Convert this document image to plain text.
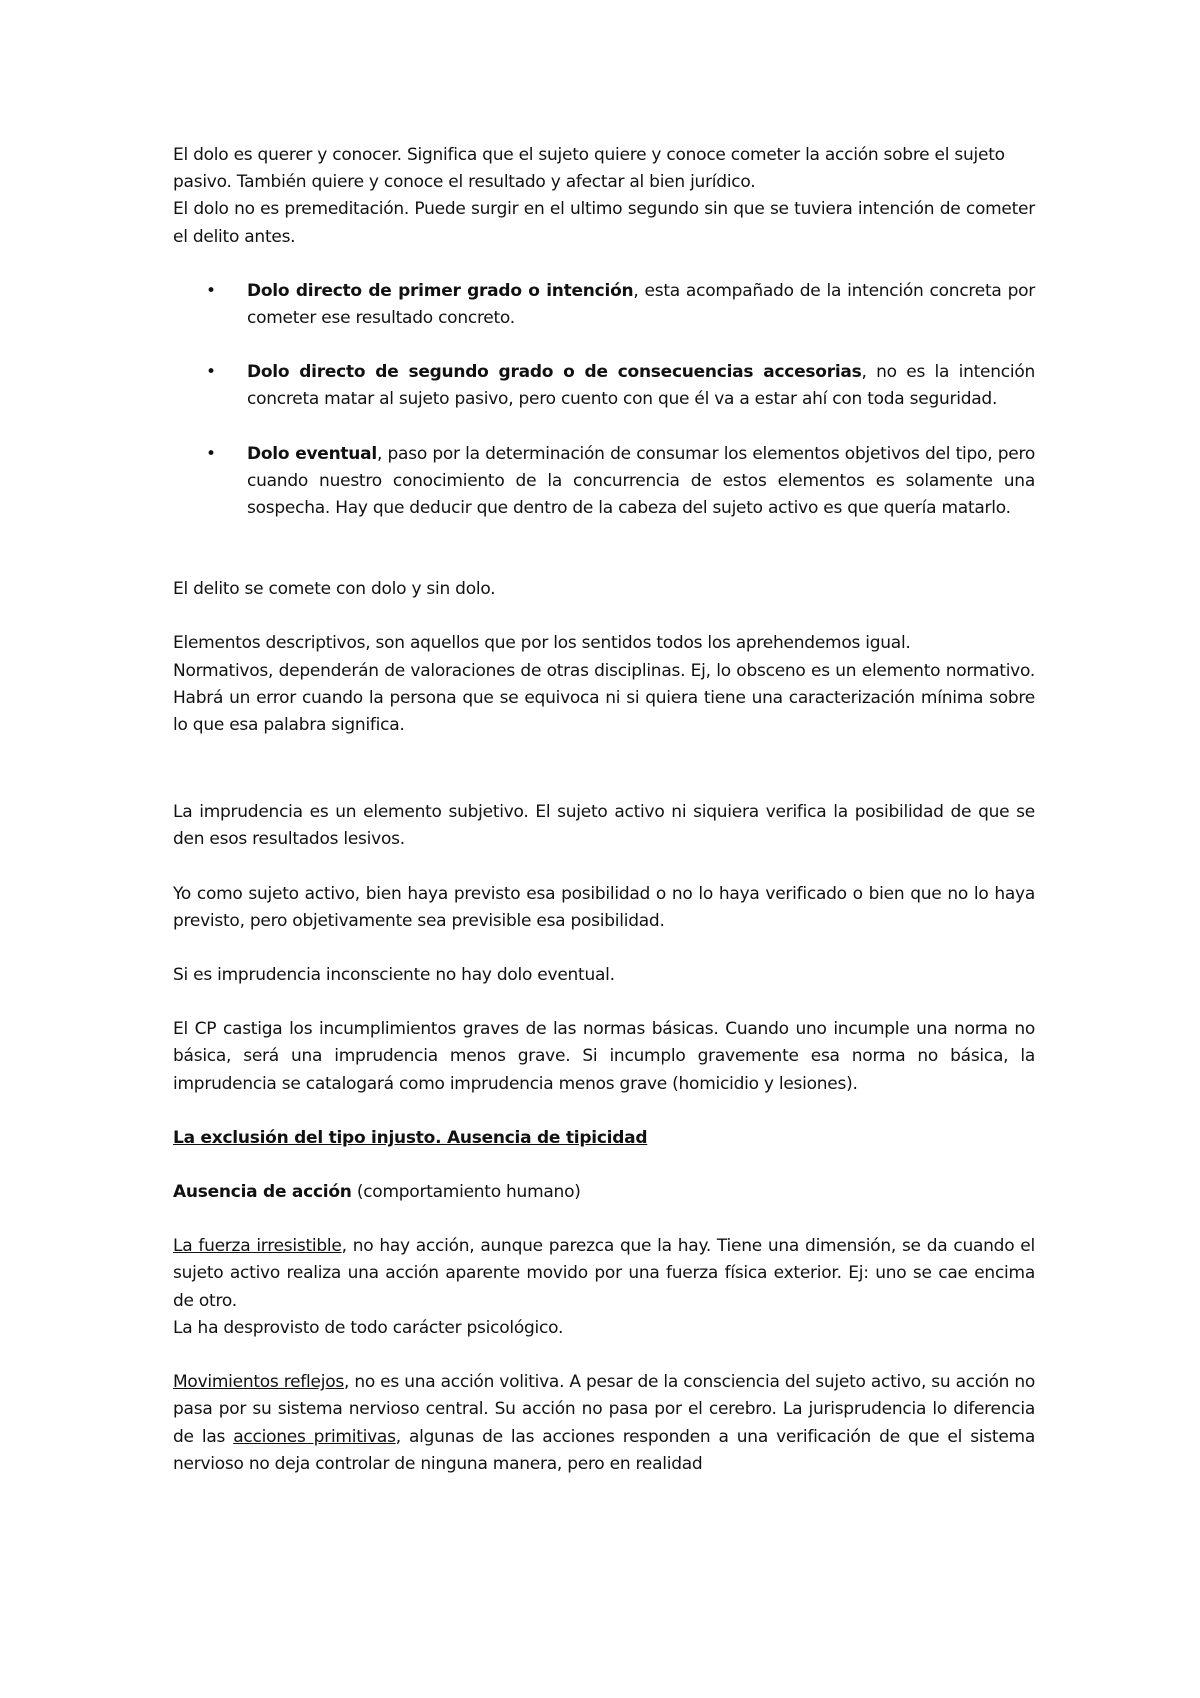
El dolo es querer y conocer. Significa que el sujeto quiere y conoce cometer la acción sobre el sujeto pasivo. También quiere y conoce el resultado y afectar al bien jurídico.

El dolo no es premeditación. Puede surgir en el ultimo segundo sin que se tuviera intención de cometer el delito antes.

• Dolo directo de primer grado o intención, esta acompañado de la intención concreta por cometer ese resultado concreto.
• Dolo directo de segundo grado o de consecuencias accesorias, no es la intención concreta matar al sujeto pasivo, pero cuento con que él va a estar ahí con toda seguridad.
• Dolo eventual, paso por la determinación de consumar los elementos objetivos del tipo, pero cuando nuestro conocimiento de la concurrencia de estos elementos es solamente una sospecha. Hay que deducir que dentro de la cabeza del sujeto activo es que quería matarlo.

El delito se comete con dolo y sin dolo.

Elementos descriptivos, son aquellos que por los sentidos todos los aprehendemos igual.

Normativos, dependerán de valoraciones de otras disciplinas. Ej, lo obsceno es un elemento normativo. Habrá un error cuando la persona que se equivoca ni si quiera tiene una caracterización mínima sobre lo que esa palabra significa.

La imprudencia es un elemento subjetivo. El sujeto activo ni siquiera verifica la posibilidad de que se den esos resultados lesivos.

Yo como sujeto activo, bien haya previsto esa posibilidad o no lo haya verificado o bien que no lo haya previsto, pero objetivamente sea previsible esa posibilidad.

Si es imprudencia inconsciente no hay dolo eventual.

El CP castiga los incumplimientos graves de las normas básicas. Cuando uno incumple una norma no básica, será una imprudencia menos grave. Si incumplo gravemente esa norma no básica, la imprudencia se catalogará como imprudencia menos grave (homicidio y lesiones).

La exclusión del tipo injusto. Ausencia de tipicidad

Ausencia de acción (comportamiento humano)

La fuerza irresistible, no hay acción, aunque parezca que la hay. Tiene una dimensión, se da cuando el sujeto activo realiza una acción aparente movido por una fuerza física exterior. Ej: uno se cae encima de otro.

La ha desprovisto de todo carácter psicológico.

Movimientos reflejos, no es una acción volitiva. A pesar de la consciencia del sujeto activo, su acción no pasa por su sistema nervioso central. Su acción no pasa por el cerebro. La jurisprudencia lo diferencia de las acciones primitivas, algunas de las acciones responden a una verificación de que el sistema nervioso no deja controlar de ninguna manera, pero en realidad
